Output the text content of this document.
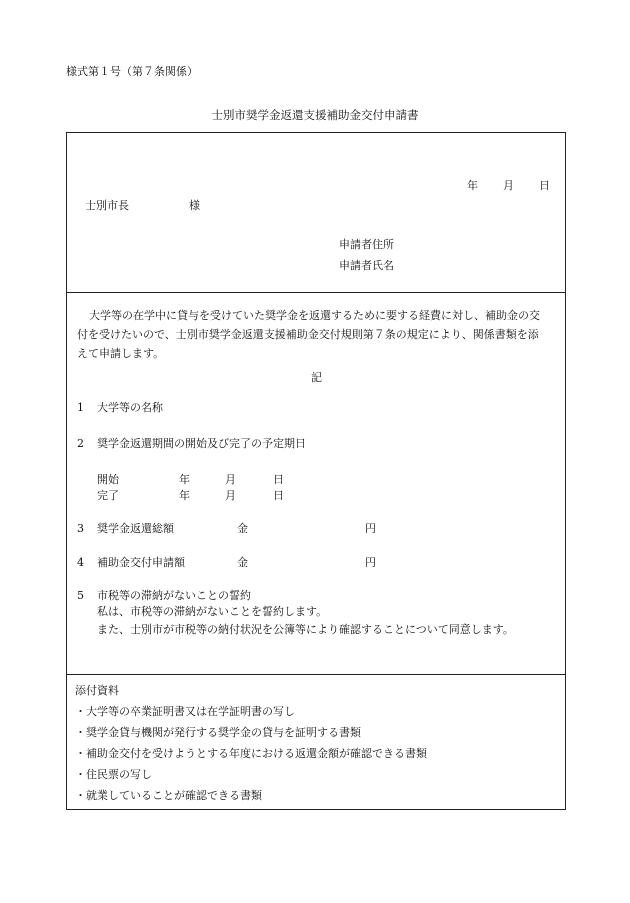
様式第１号（第７条関係）
士別市奨学金返還支援補助金交付申請書
年 月 日
士別市長	様
申請者住所
申請者氏名
大学等の在学中に貸与を受けていた奨学金を返還するために要する経費に対し、補助金の交
付を受けたいので、士別市奨学金返還支援補助金交付規則第７条の規定により、関係書類を添
えて申請します。
記
1 大学等の名称
2 奨学金返還期間の開始及び完了の予定期日
開始	年	月	日
完了	年	月	日
3 奨学金返還総額	金	円
4 補助金交付申請額	金	円
5 市税等の滞納がないことの誓約
私は、市税等の滞納がないことを誓約します。
また、士別市が市税等の納付状況を公簿等により確認することについて同意します。
添付資料
・大学等の卒業証明書又は在学証明書の写し
・奨学金貸与機関が発行する奨学金の貸与を証明する書類
・補助金交付を受けようとする年度における返還金額が確認できる書類
・住民票の写し
・就業していることが確認できる書類
